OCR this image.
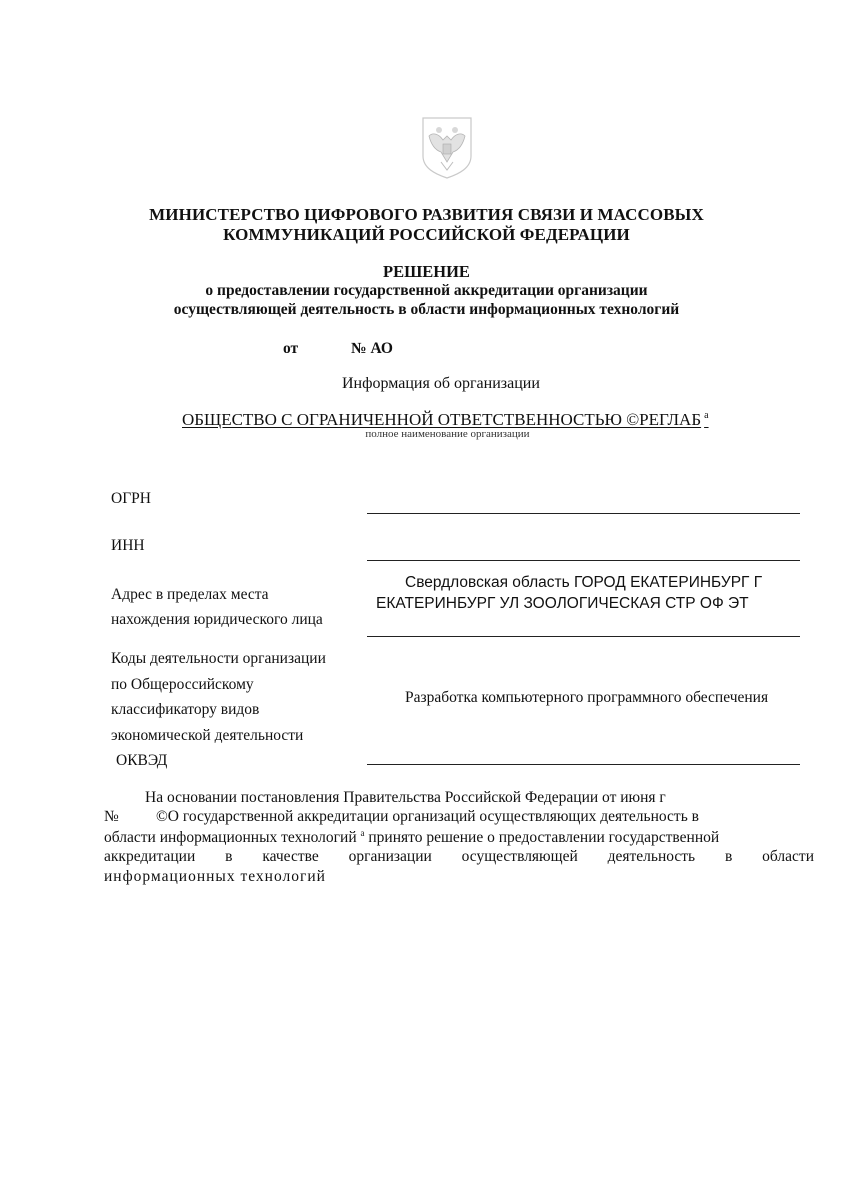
МИНИСТЕРСТВО ЦИФРОВОГО РАЗВИТИЯ СВЯЗИ И МАССОВЫХ
КОММУНИКАЦИЙ РОССИЙСКОЙ ФЕДЕРАЦИИ
РЕШЕНИЕ
о предоставлении государственной аккредитации организации
осуществляющей деятельность в области информационных технологий
от	№ АО
Информация об организации
ОБЩЕСТВО С ОГРАНИЧЕННОЙ ОТВЕТСТВЕННОСТЬЮ ©РЕГЛАБ $^а$
полное наименование организации
ОГРН
ИНН
Адрес в пределах места
нахождения юридического лица
Свердловская область ГОРОД ЕКАТЕРИНБУРГ Г ЕКАТЕРИНБУРГ УЛ ЗООЛОГИЧЕСКАЯ СТР ОФ ЭТ
Коды деятельности организации
по Общероссийскому
классификатору видов
экономической деятельности
ОКВЭД
Разработка компьютерного программного обеспечения
На основании постановления Правительства Российской Федерации от июня г
№ ©О государственной аккредитации организаций осуществляющих деятельность в
области информационных технологий $^а$ принято решение о предоставлении государственной
аккредитации в качестве организации осуществляющей деятельность в области
информационных технологий
